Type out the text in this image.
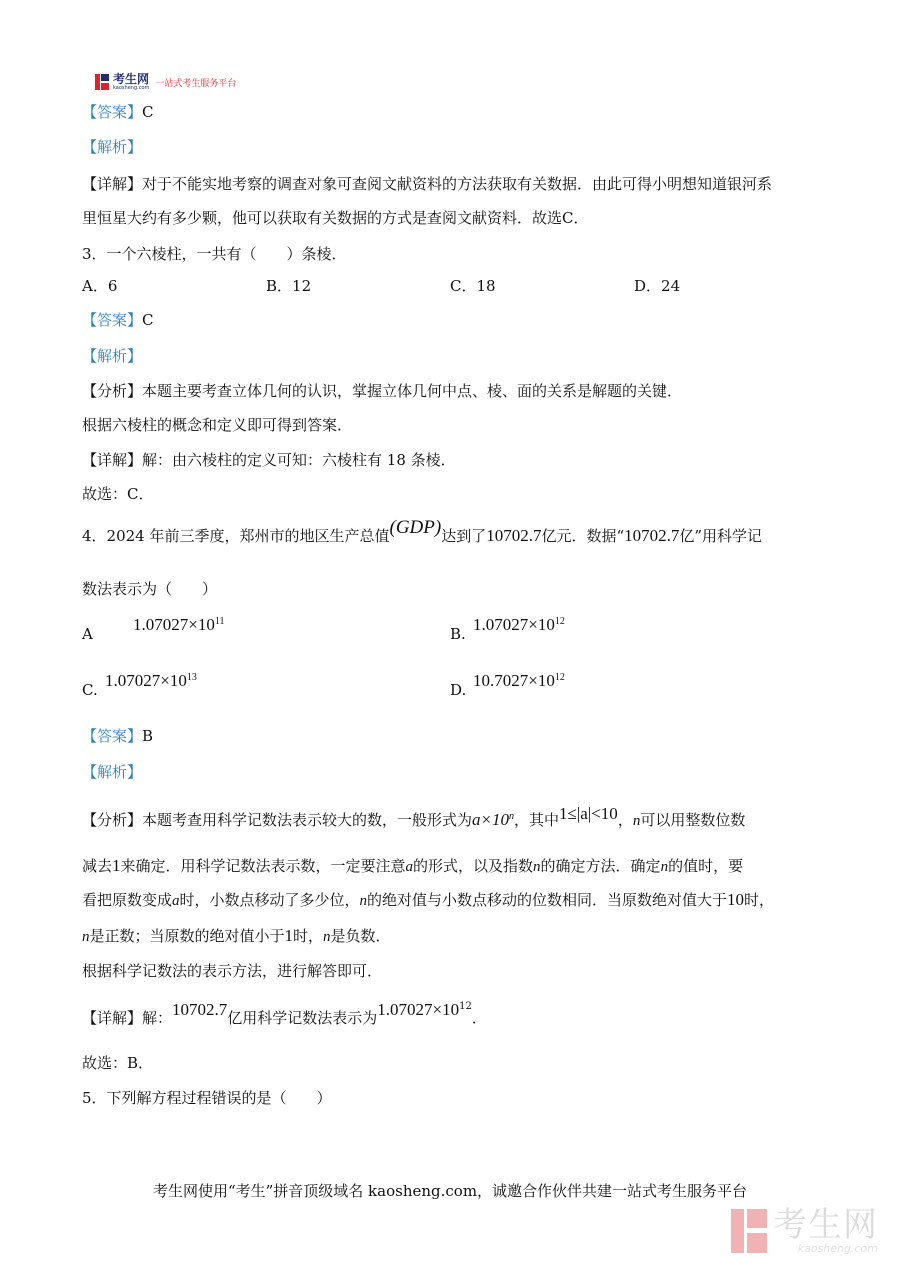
考生网
kaosheng.com 一站式考生服务平台
【答案】C
【解析】
【详解】对于不能实地考察的调查对象可查阅文献资料的方法获取有关数据．由此可得小明想知道银河系
里恒星大约有多少颗，他可以获取有关数据的方式是查阅文献资料．故选C．
3．一个六棱柱，一共有（　　）条棱．
A．6	B．12	C．18	D．24
【答案】C
【解析】
【分析】本题主要考查立体几何的认识，掌握立体几何中点、棱、面的关系是解题的关键．
根据六棱柱的概念和定义即可得到答案．
【详解】解：由六棱柱的定义可知：六棱柱有 18 条棱．
故选：C．
4．2024 年前三季度，郑州市的地区生产总值(GDP)达到了10702.7亿元．数据“10702.7亿”用科学记
数法表示为（　　）
A $1.07027\times 10^{11}$
B. $1.07027\times 10^{12}$
C. $1.07027\times 10^{13}$
D. $10.7027\times 10^{12}$
【答案】B
【解析】
【分析】本题考查用科学记数法表示较大的数，一般形式为$a\times 10^n$，其中1≤|a|<10，n可以用整数位数
减去1来确定．用科学记数法表示数，一定要注意a的形式，以及指数n的确定方法．确定n的值时，要
看把原数变成a时，小数点移动了多少位，n的绝对值与小数点移动的位数相同．当原数绝对值大于10时，
n是正数；当原数的绝对值小于1时，n是负数．
根据科学记数法的表示方法，进行解答即可．
【详解】解：10702.7亿用科学记数法表示为$1.07027\times 10^{12}$．
故选：B．
5．下列解方程过程错误的是（　　）
考生网使用“考生”拼音顶级域名 kaosheng.com，诚邀合作伙伴共建一站式考生服务平台
考生网
kaosheng.com
